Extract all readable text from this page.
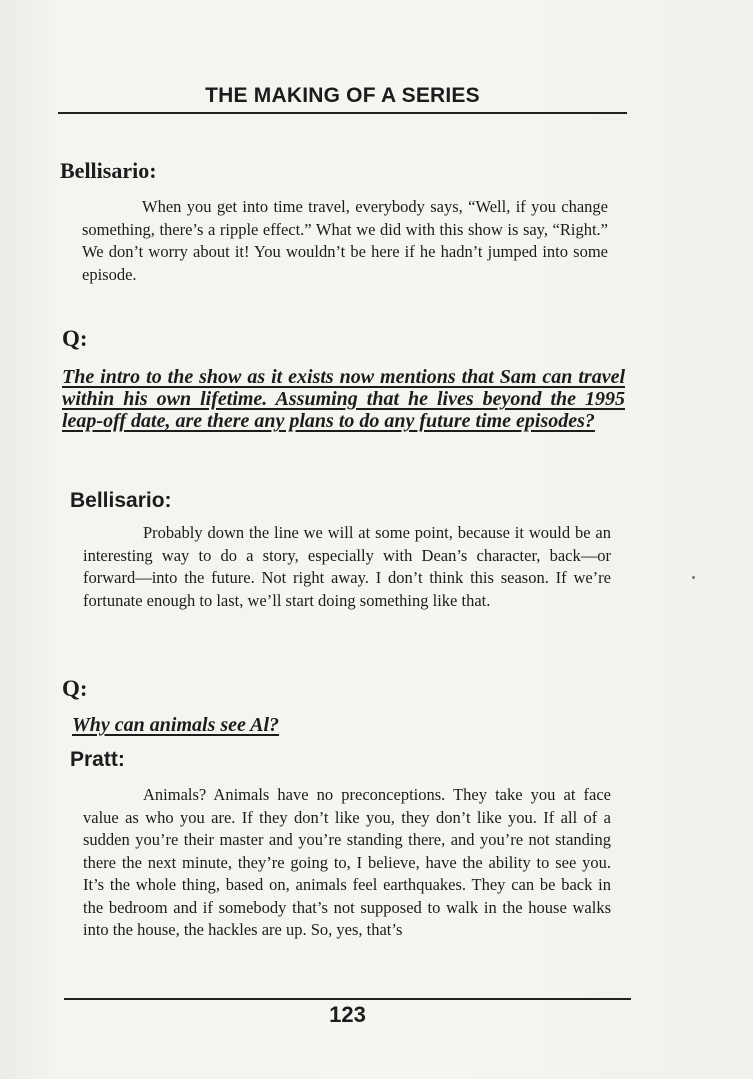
THE MAKING OF A SERIES
Bellisario:

When you get into time travel, everybody says, “Well, if you change something, there’s a ripple effect.” What we did with this show is say, “Right.” We don’t worry about it! You wouldn’t be here if he hadn’t jumped into some episode.

Q:

The intro to the show as it exists now mentions that Sam can travel within his own lifetime. Assuming that he lives beyond the 1995 leap-off date, are there any plans to do any future time episodes?

Bellisario:

Probably down the line we will at some point, because it would be an interesting way to do a story, especially with Dean’s character, back—or forward—into the future. Not right away. I don’t think this season. If we’re fortunate enough to last, we’ll start doing something like that.

Q:

Why can animals see Al?

Pratt:

Animals? Animals have no preconceptions. They take you at face value as who you are. If they don’t like you, they don’t like you. If all of a sudden you’re their master and you’re standing there, and you’re not standing there the next minute, they’re going to, I believe, have the ability to see you. It’s the whole thing, based on, animals feel earthquakes. They can be back in the bedroom and if somebody that’s not supposed to walk in the house walks into the house, the hackles are up. So, yes, that’s

123
